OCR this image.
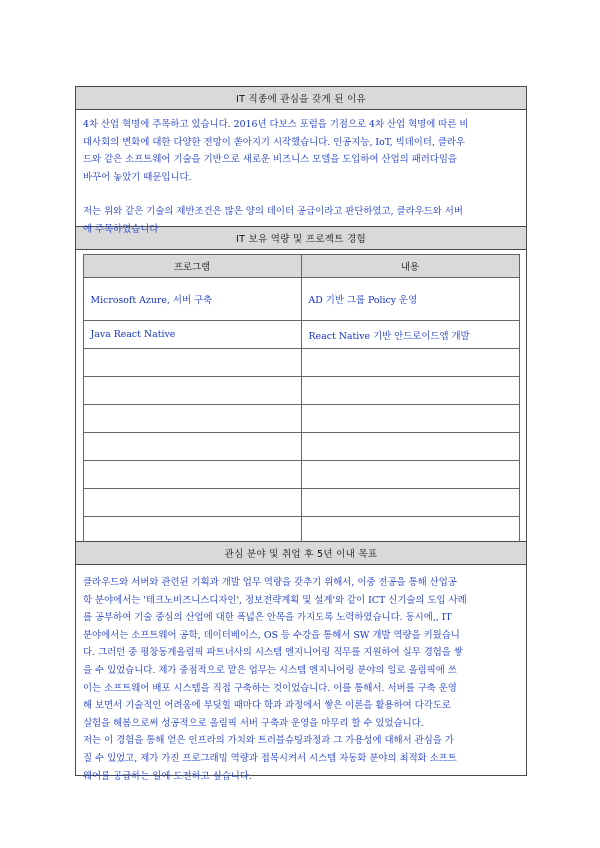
IT 직종에 관심을 갖게 된 이유

4차 산업 혁명에 주목하고 있습니다. 2016년 다보스 포럼을 기점으로 4차 산업 혁명에 따른 비
대사회의 변화에 대한 다양한 전망이 쏟아지기 시작했습니다. 인공지능, IoT, 빅데이터, 클라우
드와 같은 소프트웨어 기술을 기반으로 새로운 비즈니스 모델을 도입하여 산업의 패러다임을
바꾸어 놓았기 때문입니다.

저는 위와 같은 기술의 제반조건은 많은 양의 데이터 공급이라고 판단하였고, 클라우드와 서버
에 주목하였습니다

IT 보유 역량 및 프로젝트 경험
프로그램	내용
Microsoft Azure, 서버 구축	AD 기반 그룹 Policy 운영
Java React Native	React Native 기반 안드로이드앱 개발

관심 분야 및 취업 후 5년 이내 목표

클라우드와 서버와 관련된 기획과 개발 업무 역량을 갖추기 위해서, 이중 전공을 통해 산업공
학 분야에서는 '테크노비즈니스디자인', 정보전략계획 및 설계'와 같이 ICT 신기술의 도입 사례
를 공부하여 기술 중심의 산업에 대한 폭넓은 안목을 가지도록 노력하였습니다. 동시에,, IT
분야에서는 소프트웨어 공학, 데이터베이스, OS 등 수강을 통해서 SW 개발 역량을 키웠습니
다. 그러던 중 평창동계올림픽 파트너사의 시스템 엔지니어링 직무를 지원하여 실무 경험을 쌓
을 수 있었습니다. 제가 중점적으로 맡은 업무는 시스템 엔지니어링 분야의 일로 올림픽에 쓰
이는 소프트웨어 배포 시스템을 직접 구축하는 것이었습니다. 이를 통해서. 서버를 구축 운영
해 보면서 기술적인 어려움에 부딪힐 때마다 학과 과정에서 쌓은 이론을 활용하여 다각도로
실험을 해봄으로써 성공적으로 올림픽 서버 구축과 운영을 마무리 할 수 있었습니다.

저는 이 경험을 통해 얻은 인프라의 가치와 트러블슈팅과정과 그 가용성에 대해서 관심을 가
질 수 있었고, 제가 가진 프로그래밍 역량과 접목시켜서 시스템 자동화 분야의 최적화 소프트
웨어를 공급하는 일에 도전하고 싶습니다.
